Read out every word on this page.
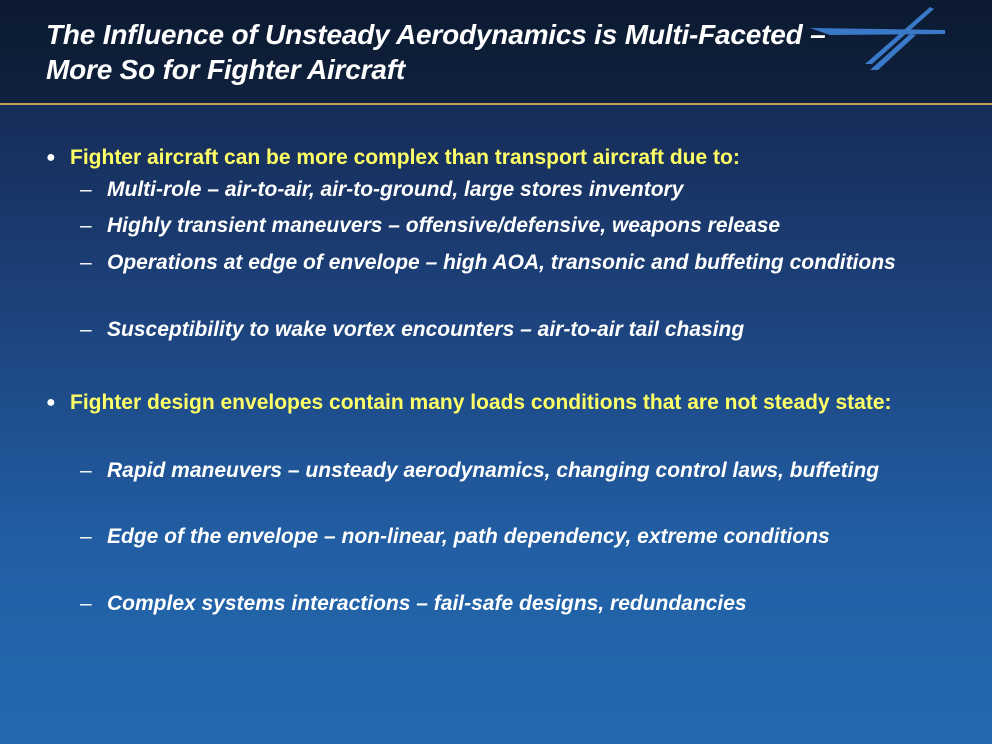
The Influence of Unsteady Aerodynamics is Multi-Faceted – More So for Fighter Aircraft
● Fighter aircraft can be more complex than transport aircraft due to:
– Multi-role – air-to-air, air-to-ground, large stores inventory
– Highly transient maneuvers – offensive/defensive, weapons release
– Operations at edge of envelope – high AOA, transonic and buffeting conditions
– Susceptibility to wake vortex encounters – air-to-air tail chasing
● Fighter design envelopes contain many loads conditions that are not steady state:
– Rapid maneuvers – unsteady aerodynamics, changing control laws, buffeting
– Edge of the envelope – non-linear, path dependency, extreme conditions
– Complex systems interactions – fail-safe designs, redundancies
